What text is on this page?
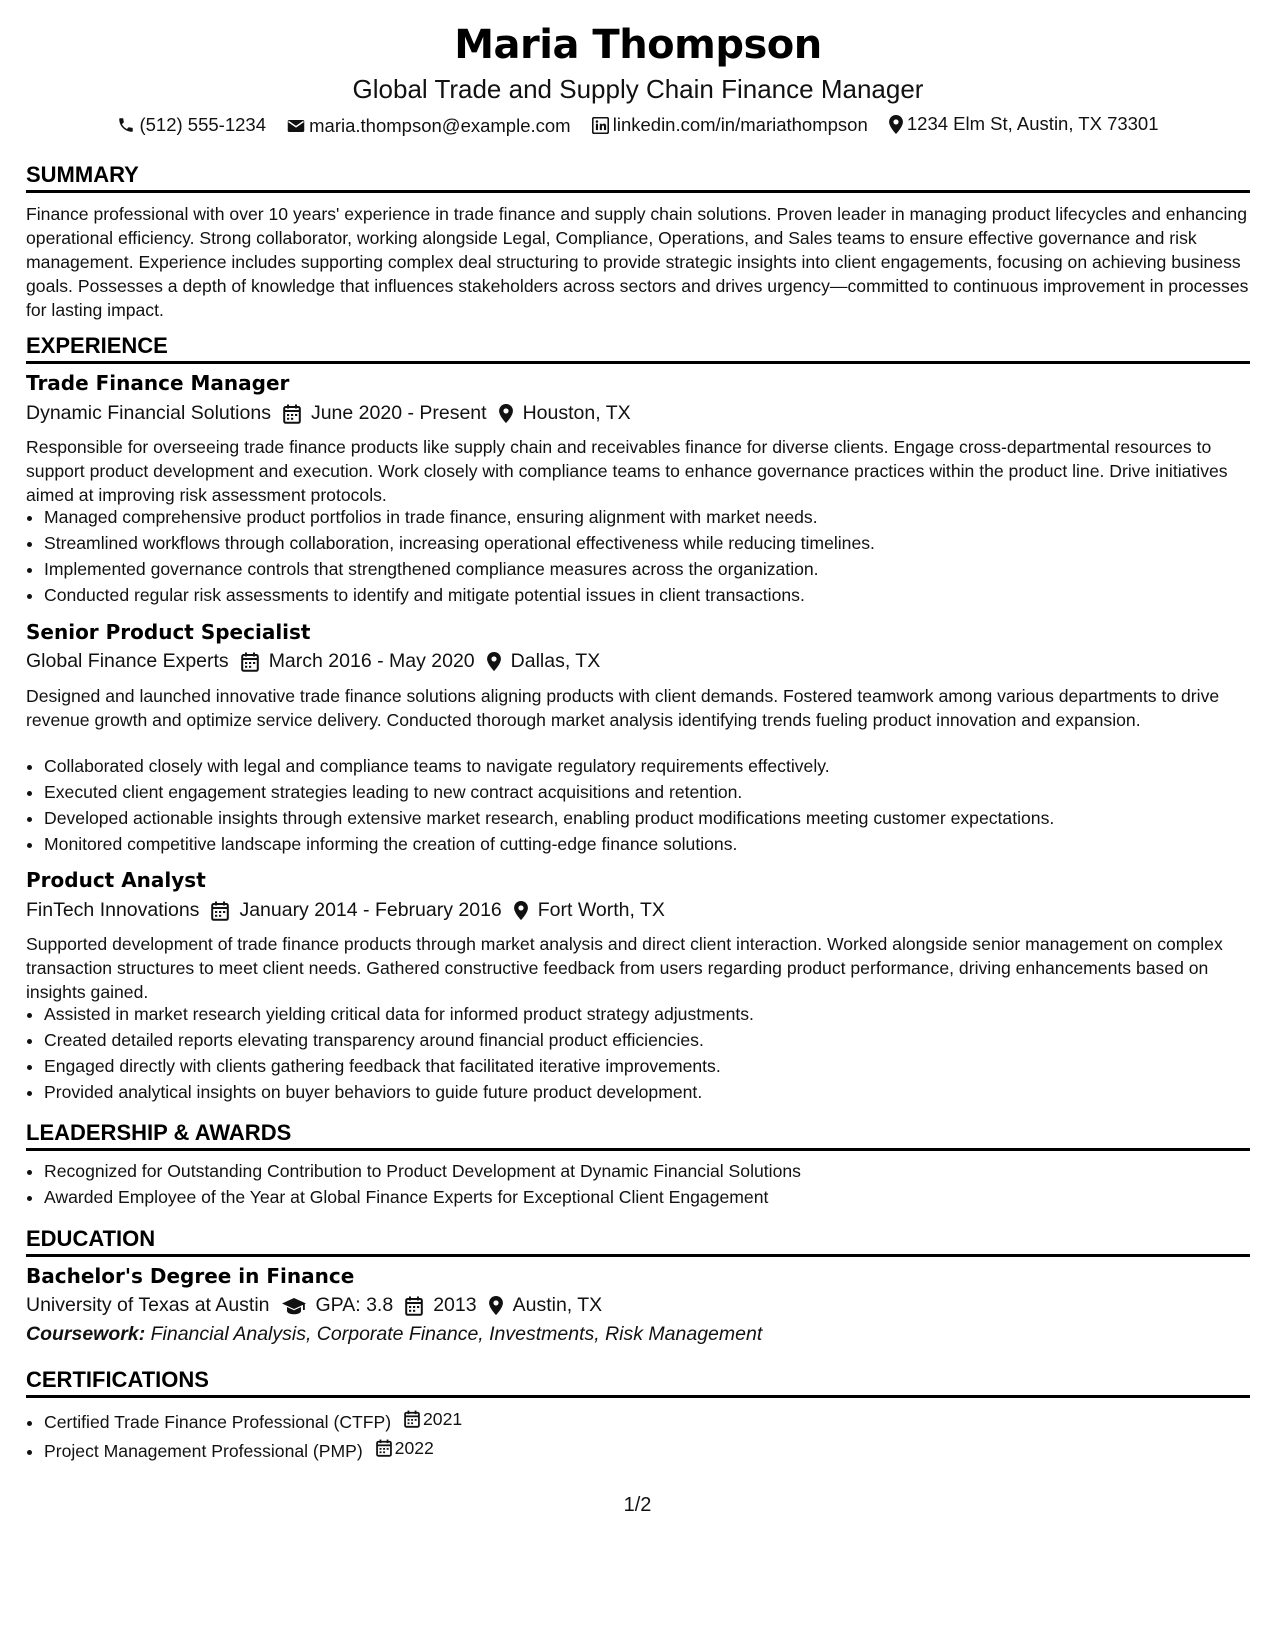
Maria Thompson
Global Trade and Supply Chain Finance Manager
(512) 555-1234
maria.thompson@example.com
linkedin.com/in/mariathompson
1234 Elm St, Austin, TX 73301
SUMMARY
Finance professional with over 10 years' experience in trade finance and supply chain solutions. Proven leader in managing product lifecycles and enhancing operational efficiency. Strong collaborator, working alongside Legal, Compliance, Operations, and Sales teams to ensure effective governance and risk management. Experience includes supporting complex deal structuring to provide strategic insights into client engagements, focusing on achieving business goals. Possesses a depth of knowledge that influences stakeholders across sectors and drives urgency—committed to continuous improvement in processes for lasting impact.
EXPERIENCE
Trade Finance Manager
Dynamic Financial Solutions June 2020 - Present Houston, TX
Responsible for overseeing trade finance products like supply chain and receivables finance for diverse clients. Engage cross-departmental resources to support product development and execution. Work closely with compliance teams to enhance governance practices within the product line. Drive initiatives aimed at improving risk assessment protocols.
• Managed comprehensive product portfolios in trade finance, ensuring alignment with market needs.
• Streamlined workflows through collaboration, increasing operational effectiveness while reducing timelines.
• Implemented governance controls that strengthened compliance measures across the organization.
• Conducted regular risk assessments to identify and mitigate potential issues in client transactions.
Senior Product Specialist
Global Finance Experts March 2016 - May 2020 Dallas, TX
Designed and launched innovative trade finance solutions aligning products with client demands. Fostered teamwork among various departments to drive revenue growth and optimize service delivery. Conducted thorough market analysis identifying trends fueling product innovation and expansion.
• Collaborated closely with legal and compliance teams to navigate regulatory requirements effectively.
• Executed client engagement strategies leading to new contract acquisitions and retention.
• Developed actionable insights through extensive market research, enabling product modifications meeting customer expectations.
• Monitored competitive landscape informing the creation of cutting-edge finance solutions.
Product Analyst
FinTech Innovations January 2014 - February 2016 Fort Worth, TX
Supported development of trade finance products through market analysis and direct client interaction. Worked alongside senior management on complex transaction structures to meet client needs. Gathered constructive feedback from users regarding product performance, driving enhancements based on insights gained.
• Assisted in market research yielding critical data for informed product strategy adjustments.
• Created detailed reports elevating transparency around financial product efficiencies.
• Engaged directly with clients gathering feedback that facilitated iterative improvements.
• Provided analytical insights on buyer behaviors to guide future product development.
LEADERSHIP & AWARDS
• Recognized for Outstanding Contribution to Product Development at Dynamic Financial Solutions
• Awarded Employee of the Year at Global Finance Experts for Exceptional Client Engagement
EDUCATION
Bachelor's Degree in Finance
University of Texas at Austin GPA: 3.8 2013 Austin, TX
Coursework: Financial Analysis, Corporate Finance, Investments, Risk Management
CERTIFICATIONS
• Certified Trade Finance Professional (CTFP) 2021
• Project Management Professional (PMP) 2022
1/2
